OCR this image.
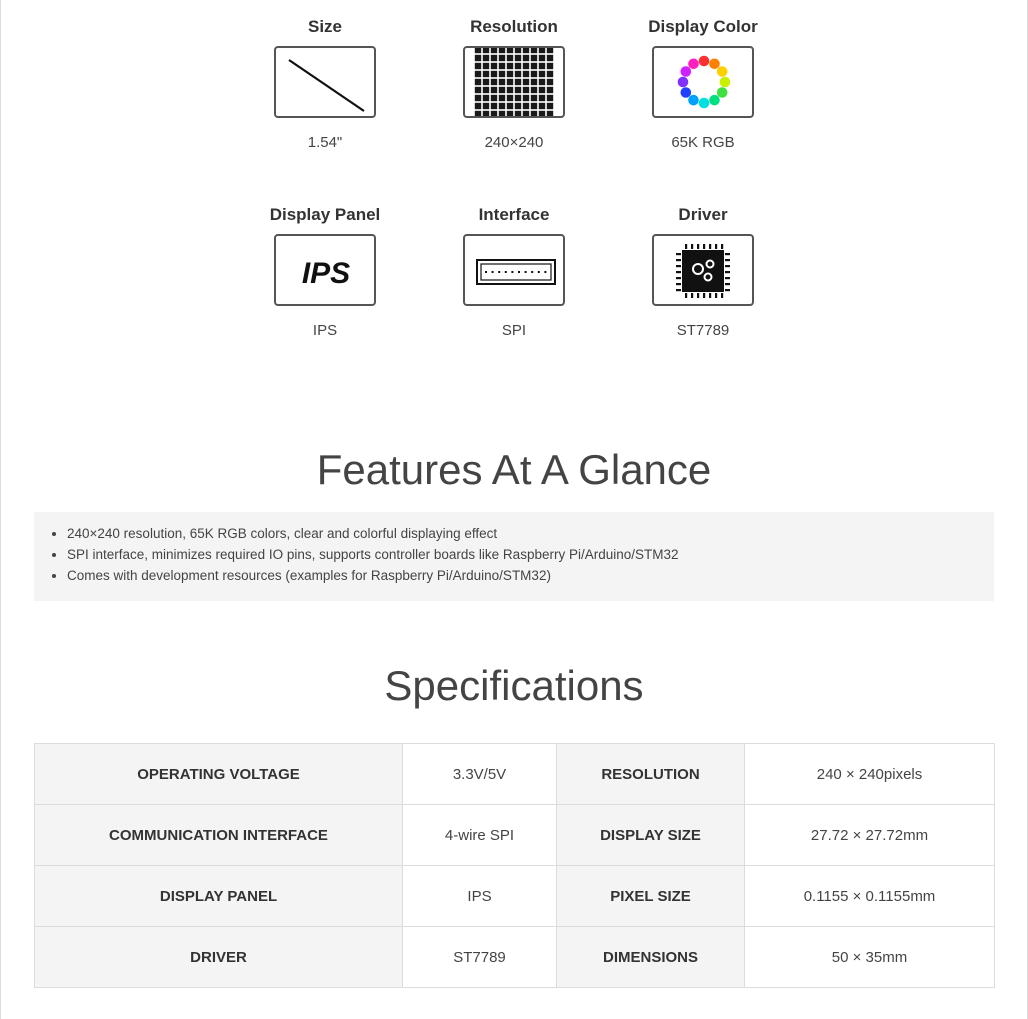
Size
1.54"
Resolution
240×240
Display Color
65K RGB
Display Panel
IPS
IPS
Interface
SPI
Driver
ST7789
Features At A Glance
• 240×240 resolution, 65K RGB colors, clear and colorful displaying effect
• SPI interface, minimizes required IO pins, supports controller boards like Raspberry Pi/Arduino/STM32
• Comes with development resources (examples for Raspberry Pi/Arduino/STM32)
Specifications
OPERATING VOLTAGE	3.3V/5V	RESOLUTION	240 × 240pixels
COMMUNICATION INTERFACE	4-wire SPI	DISPLAY SIZE	27.72 × 27.72mm
DISPLAY PANEL	IPS	PIXEL SIZE	0.1155 × 0.1155mm
DRIVER	ST7789	DIMENSIONS	50 × 35mm
